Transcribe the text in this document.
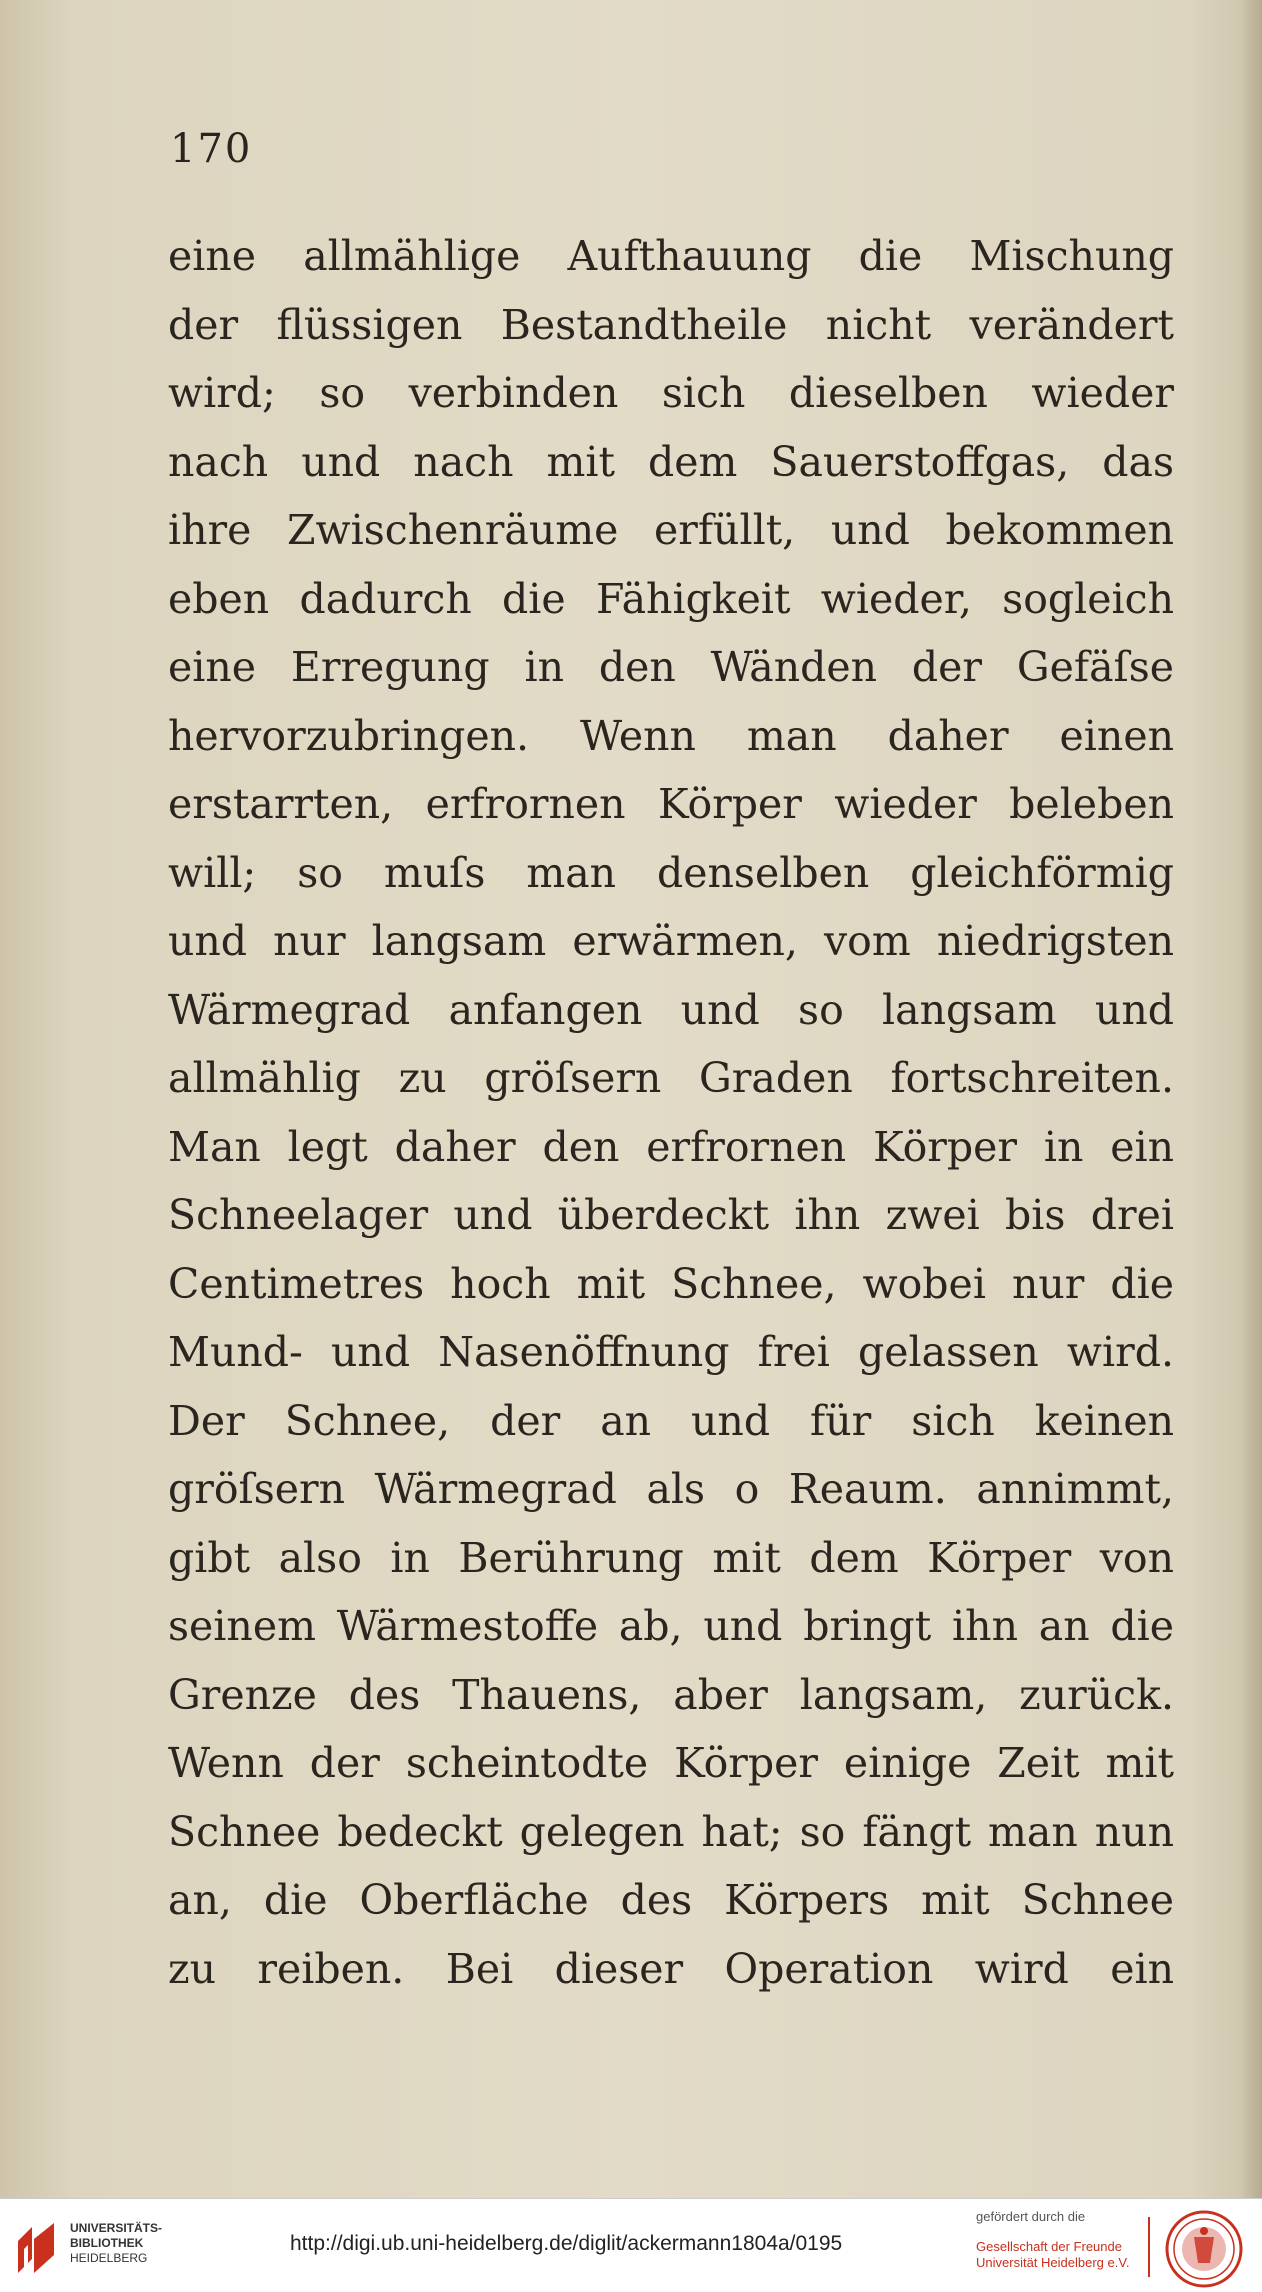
170

eine allmählige Aufthauung die Mischung
der flüssigen Bestandtheile nicht verändert
wird; so verbinden sich dieselben wieder
nach und nach mit dem Sauerstoffgas, das
ihre Zwischenräume erfüllt, und bekommen
eben dadurch die Fähigkeit wieder, sogleich
eine Erregung in den Wänden der Gefäſse
hervorzubringen. Wenn man daher einen
erstarrten, erfrornen Körper wieder beleben
will; so muſs man denselben gleichförmig
und nur langsam erwärmen, vom niedrigsten
Wärmegrad anfangen und so langsam und
allmählig zu gröſsern Graden fortschreiten.
Man legt daher den erfrornen Körper in ein
Schneelager und überdeckt ihn zwei bis drei
Centimetres hoch mit Schnee, wobei nur die
Mund- und Nasenöffnung frei gelassen wird.
Der Schnee, der an und für sich keinen
gröſsern Wärmegrad als o Reaum. annimmt,
gibt also in Berührung mit dem Körper von
seinem Wärmestoffe ab, und bringt ihn an die
Grenze des Thauens, aber langsam, zurück.
Wenn der scheintodte Körper einige Zeit mit
Schnee bedeckt gelegen hat; so fängt man nun
an, die Oberfläche des Körpers mit Schnee
zu reiben. Bei dieser Operation wird ein
UNIVERSITÄTS-
BIBLIOTHEK
HEIDELBERG
http://digi.ub.uni-heidelberg.de/diglit/ackermann1804a/0195
gefördert durch die
Gesellschaft der Freunde
Universität Heidelberg e.V.
